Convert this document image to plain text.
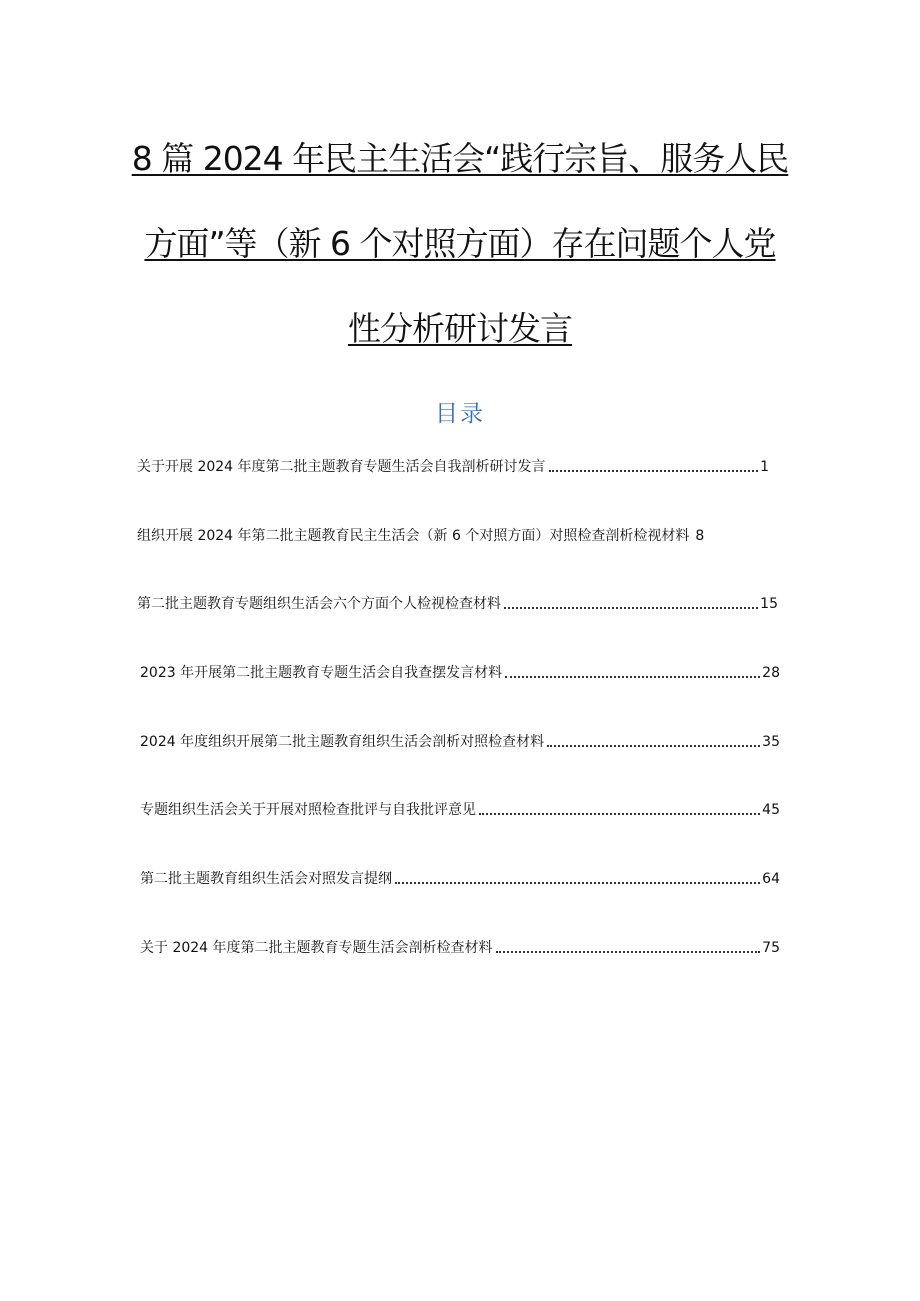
8 篇 2024 年民主生活会“践行宗旨、服务人民
方面”等（新 6 个对照方面）存在问题个人党
性分析研讨发言
目录
关于开展 2024 年度第二批主题教育专题生活会自我剖析研讨发言	1
组织开展 2024 年第二批主题教育民主生活会（新 6 个对照方面）对照检查剖析检视材料 8
第二批主题教育专题组织生活会六个方面个人检视检查材料	15
2023 年开展第二批主题教育专题生活会自我查摆发言材料	28
2024 年度组织开展第二批主题教育组织生活会剖析对照检查材料	35
专题组织生活会关于开展对照检查批评与自我批评意见	45
第二批主题教育组织生活会对照发言提纲	64
关于 2024 年度第二批主题教育专题生活会剖析检查材料	75
